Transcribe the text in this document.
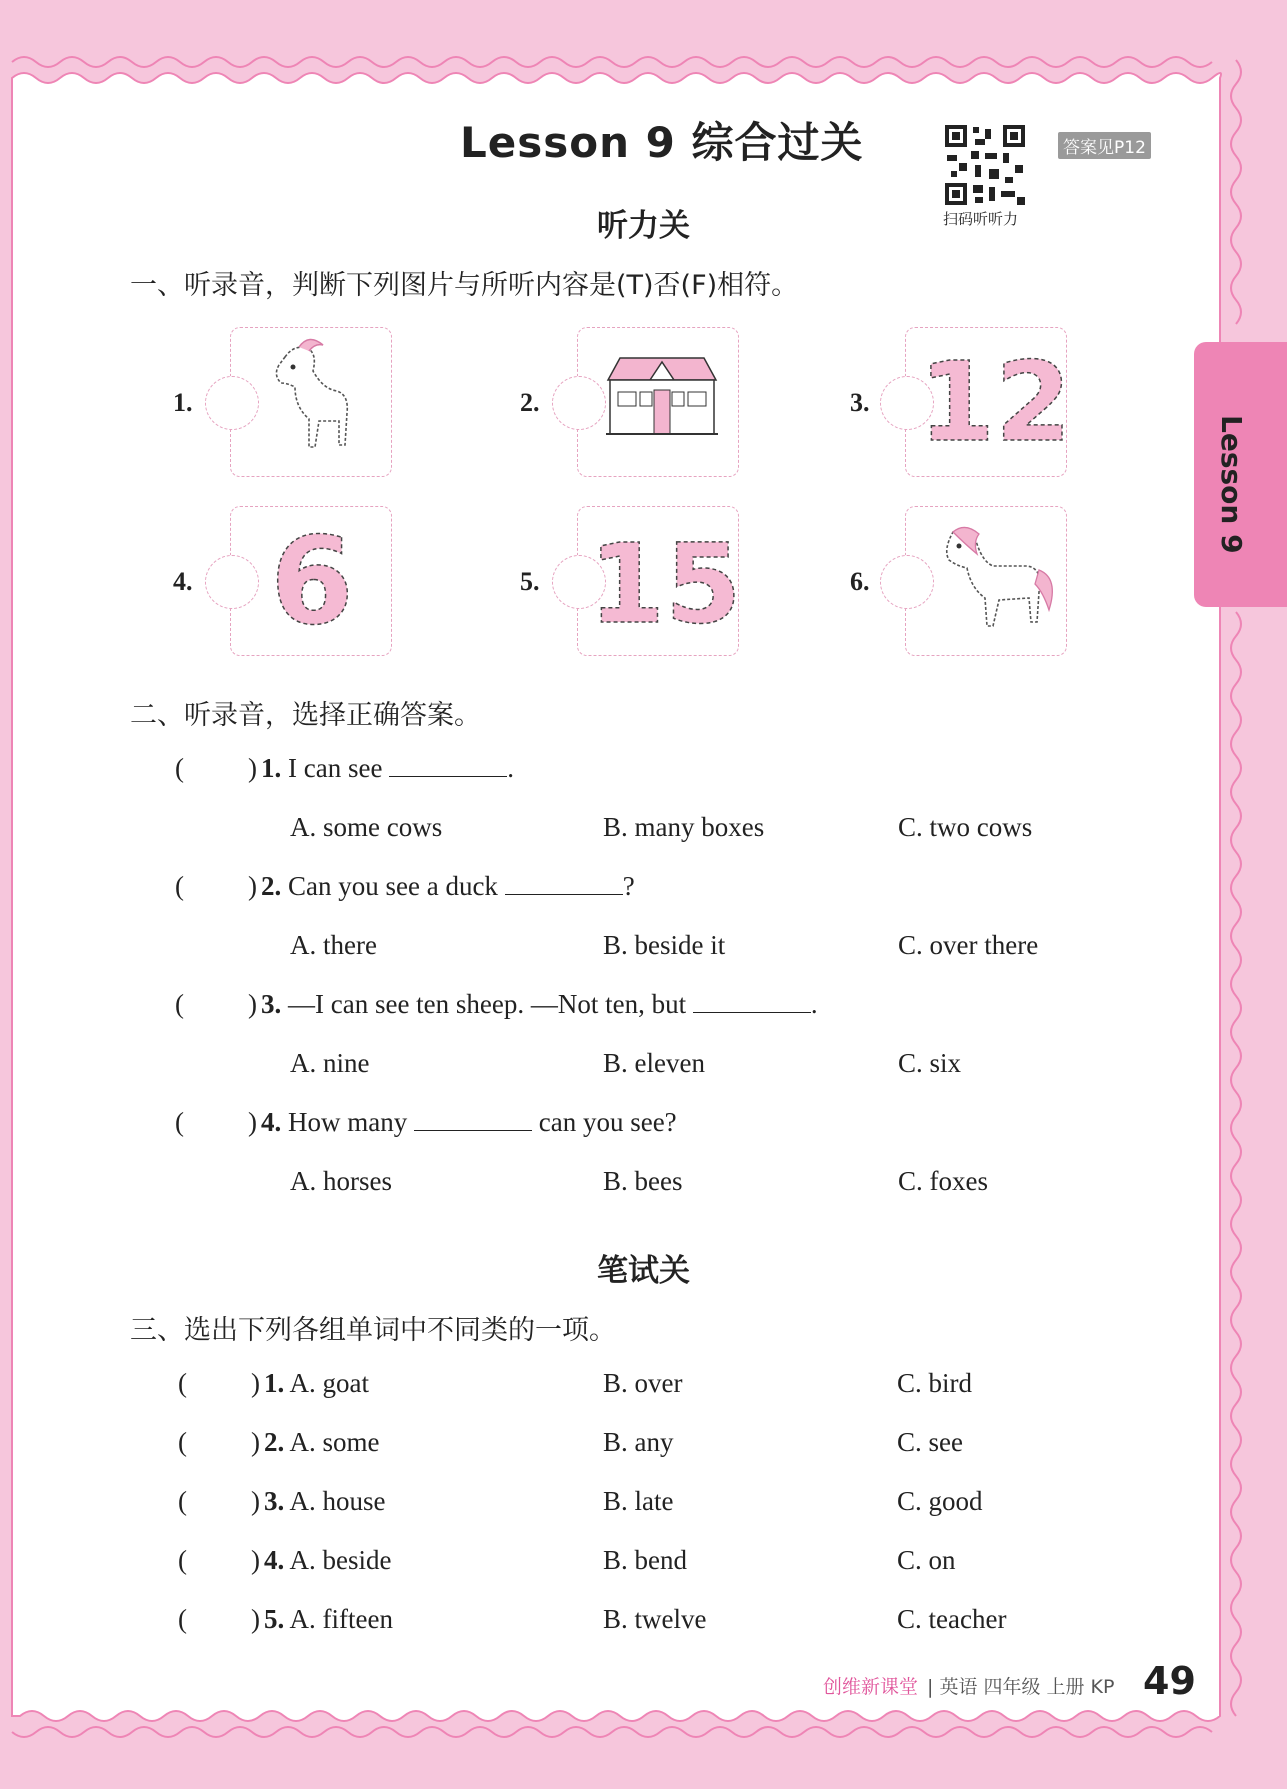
Lesson 9 综合过关
扫码听听力
答案见P12
Lesson 9
听力关
一、听录音，判断下列图片与所听内容是(T)否(F)相符。
1.	2.	3. 12
4. 6	5. 15	6.
二、听录音，选择正确答案。
( ) 1. I can see	.
A. some cows	B. many boxes	C. two cows
( ) 2. Can you see a duck	?
A. there	B. beside it	C. over there
( ) 3. —I can see ten sheep. —Not ten, but	.
A. nine	B. eleven	C. six
( ) 4. How many	can you see?
A. horses	B. bees	C. foxes
笔试关
三、选出下列各组单词中不同类的一项。
( ) 1. A. goat	B. over	C. bird
( ) 2. A. some	B. any	C. see
( ) 3. A. house	B. late	C. good
( ) 4. A. beside	B. bend	C. on
( ) 5. A. fifteen	B. twelve	C. teacher
创维新课堂 | 英语 四年级 上册 KP 49
